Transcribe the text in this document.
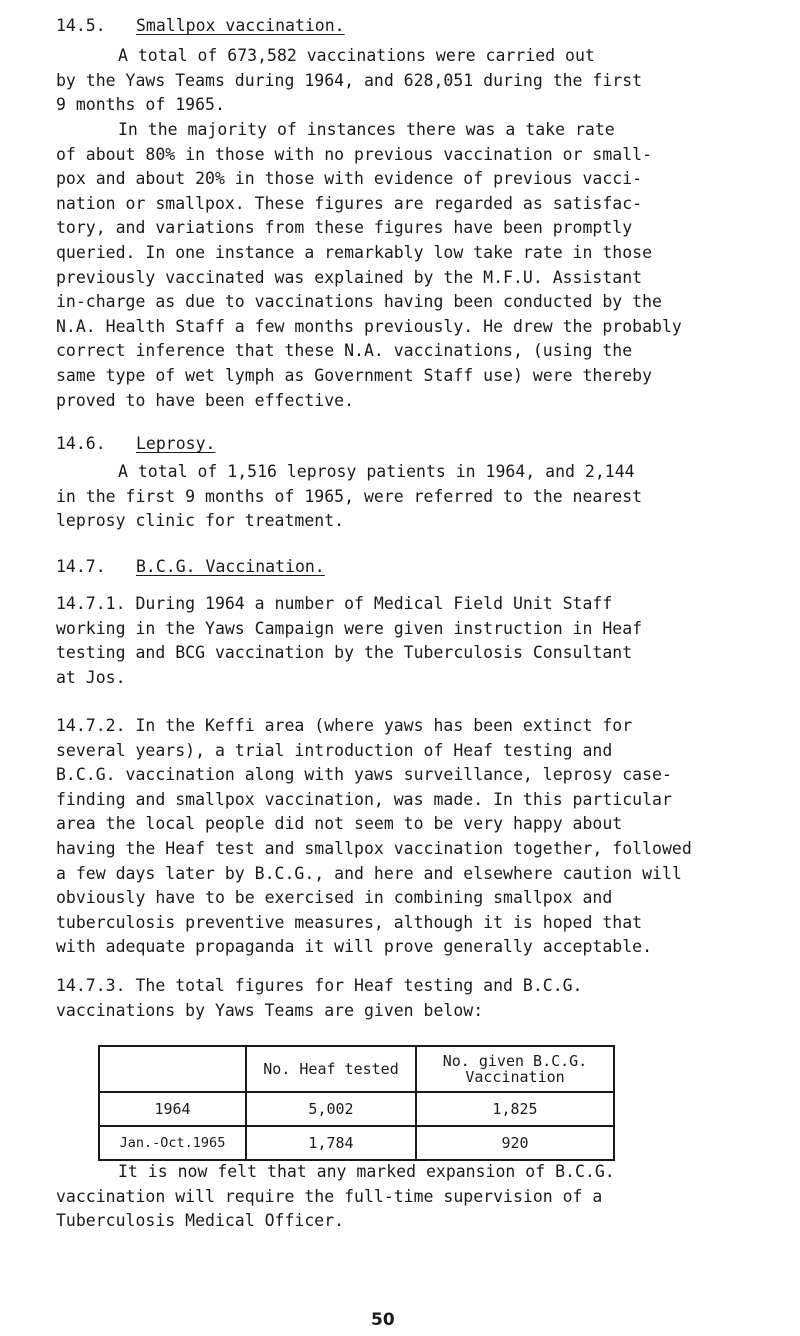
14.5. Smallpox vaccination.
A total of 673,582 vaccinations were carried out
by the Yaws Teams during 1964, and 628,051 during the first
9 months of 1965.
In the majority of instances there was a take rate
of about 80% in those with no previous vaccination or small-
pox and about 20% in those with evidence of previous vacci-
nation or smallpox. These figures are regarded as satisfac-
tory, and variations from these figures have been promptly
queried. In one instance a remarkably low take rate in those
previously vaccinated was explained by the M.F.U. Assistant
in-charge as due to vaccinations having been conducted by the
N.A. Health Staff a few months previously. He drew the probably
correct inference that these N.A. vaccinations, (using the
same type of wet lymph as Government Staff use) were thereby
proved to have been effective.
14.6. Leprosy.
A total of 1,516 leprosy patients in 1964, and 2,144
in the first 9 months of 1965, were referred to the nearest
leprosy clinic for treatment.
14.7. B.C.G. Vaccination.
14.7.1. During 1964 a number of Medical Field Unit Staff
working in the Yaws Campaign were given instruction in Heaf
testing and BCG vaccination by the Tuberculosis Consultant
at Jos.
14.7.2. In the Keffi area (where yaws has been extinct for
several years), a trial introduction of Heaf testing and
B.C.G. vaccination along with yaws surveillance, leprosy case-
finding and smallpox vaccination, was made. In this particular
area the local people did not seem to be very happy about
having the Heaf test and smallpox vaccination together, followed
a few days later by B.C.G., and here and elsewhere caution will
obviously have to be exercised in combining smallpox and
tuberculosis preventive measures, although it is hoped that
with adequate propaganda it will prove generally acceptable.
14.7.3. The total figures for Heaf testing and B.C.G.
vaccinations by Yaws Teams are given below:
	No. Heaf tested	No. given B.C.G.
Vaccination

1964	5,002	1,825
Jan.-Oct.1965	1,784	920
It is now felt that any marked expansion of B.C.G.
vaccination will require the full-time supervision of a
Tuberculosis Medical Officer.
50
